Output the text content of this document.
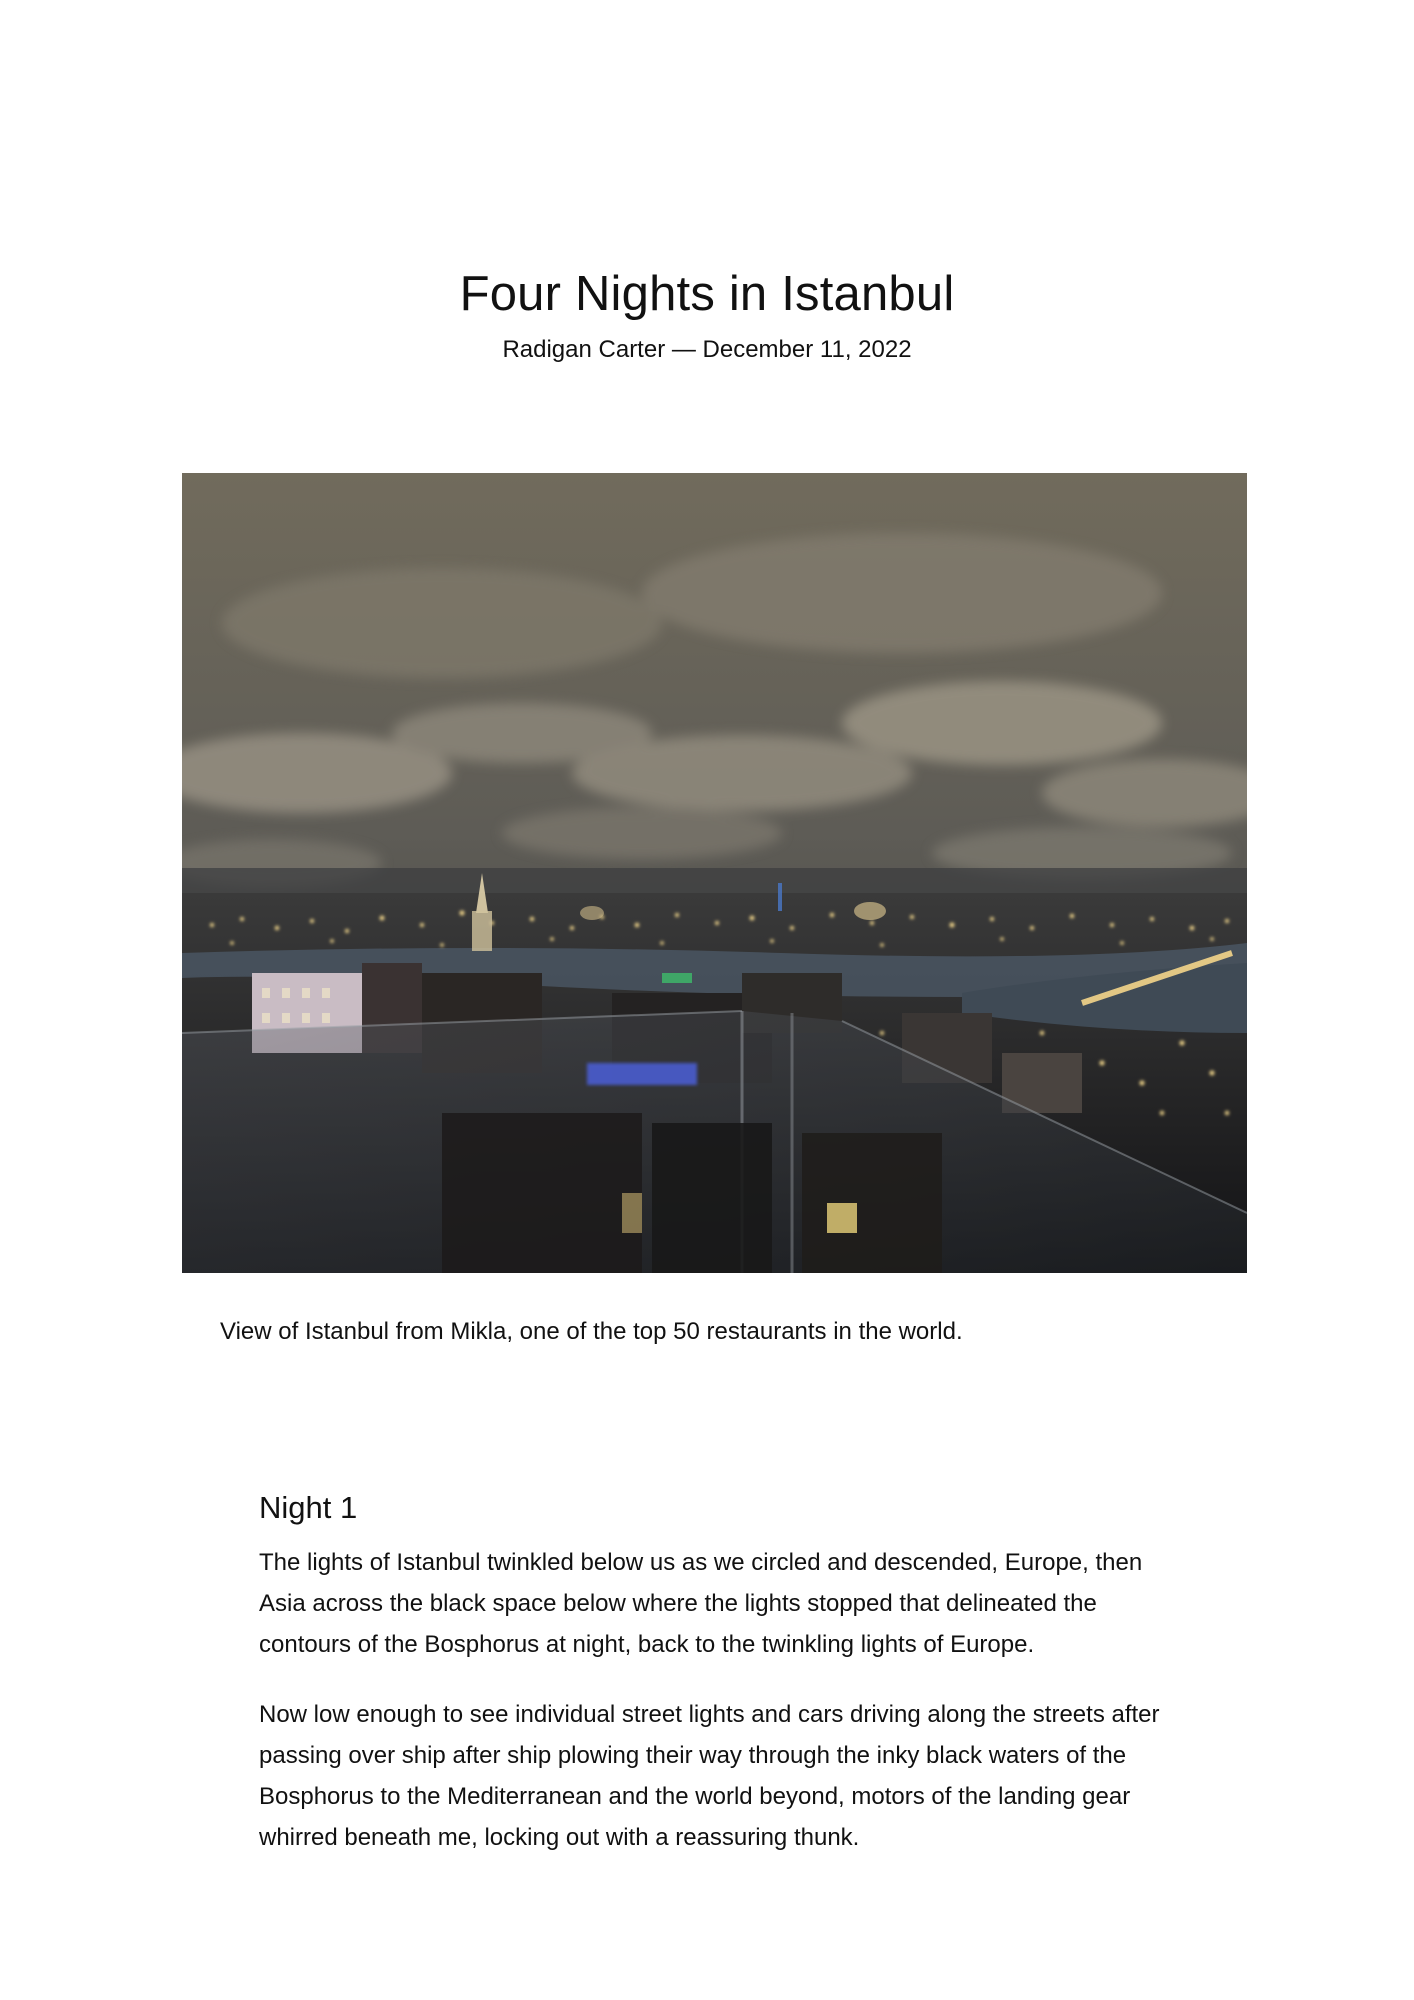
Four Nights in Istanbul
Radigan Carter — December 11, 2022
View of Istanbul from Mikla, one of the top 50 restaurants in the world.
Night 1

The lights of Istanbul twinkled below us as we circled and descended, Europe, then Asia across the black space below where the lights stopped that delineated the contours of the Bosphorus at night, back to the twinkling lights of Europe.

Now low enough to see individual street lights and cars driving along the streets after passing over ship after ship plowing their way through the inky black waters of the Bosphorus to the Mediterranean and the world beyond, motors of the landing gear whirred beneath me, locking out with a reassuring thunk.
